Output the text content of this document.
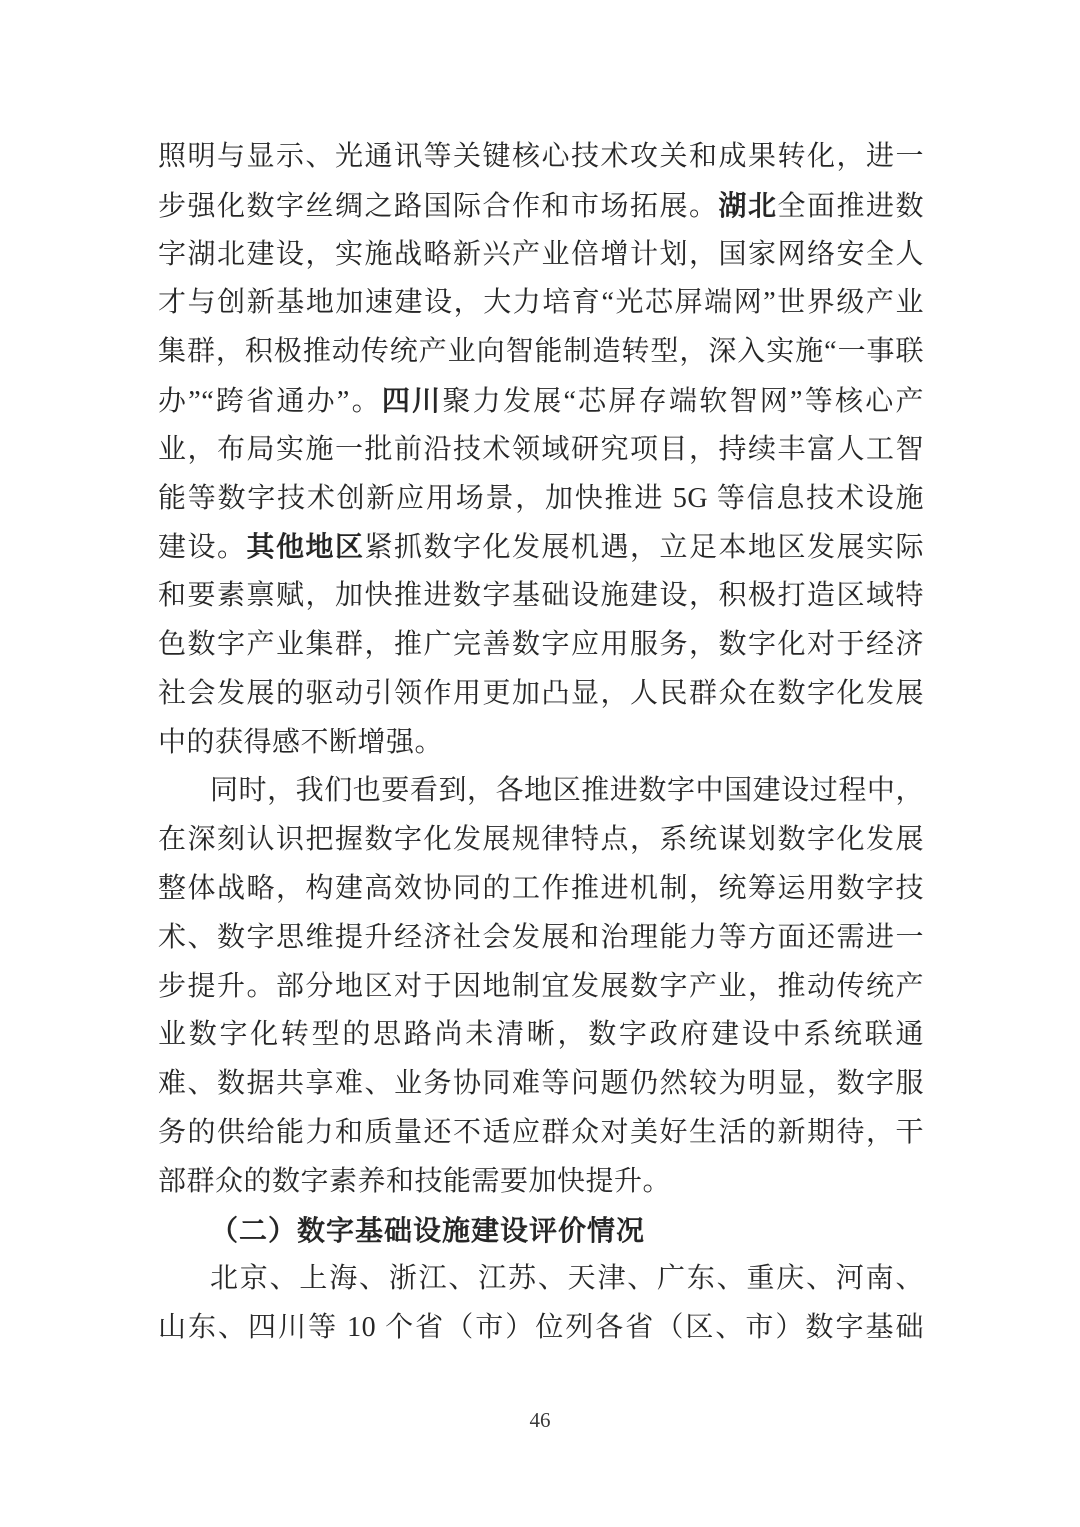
照明与显示、光通讯等关键核心技术攻关和成果转化，进一
步强化数字丝绸之路国际合作和市场拓展。湖北全面推进数
字湖北建设，实施战略新兴产业倍增计划，国家网络安全人
才与创新基地加速建设，大力培育“光芯屏端网”世界级产业
集群，积极推动传统产业向智能制造转型，深入实施“一事联
办”“跨省通办”。四川聚力发展“芯屏存端软智网”等核心产
业，布局实施一批前沿技术领域研究项目，持续丰富人工智
能等数字技术创新应用场景，加快推进 5G 等信息技术设施
建设。其他地区紧抓数字化发展机遇，立足本地区发展实际
和要素禀赋，加快推进数字基础设施建设，积极打造区域特
色数字产业集群，推广完善数字应用服务，数字化对于经济
社会发展的驱动引领作用更加凸显，人民群众在数字化发展
中的获得感不断增强。
同时，我们也要看到，各地区推进数字中国建设过程中，
在深刻认识把握数字化发展规律特点，系统谋划数字化发展
整体战略，构建高效协同的工作推进机制，统筹运用数字技
术、数字思维提升经济社会发展和治理能力等方面还需进一
步提升。部分地区对于因地制宜发展数字产业，推动传统产
业数字化转型的思路尚未清晰，数字政府建设中系统联通
难、数据共享难、业务协同难等问题仍然较为明显，数字服
务的供给能力和质量还不适应群众对美好生活的新期待，干
部群众的数字素养和技能需要加快提升。
（二）数字基础设施建设评价情况
北京、上海、浙江、江苏、天津、广东、重庆、河南、
山东、四川等 10 个省（市）位列各省（区、市）数字基础
46
